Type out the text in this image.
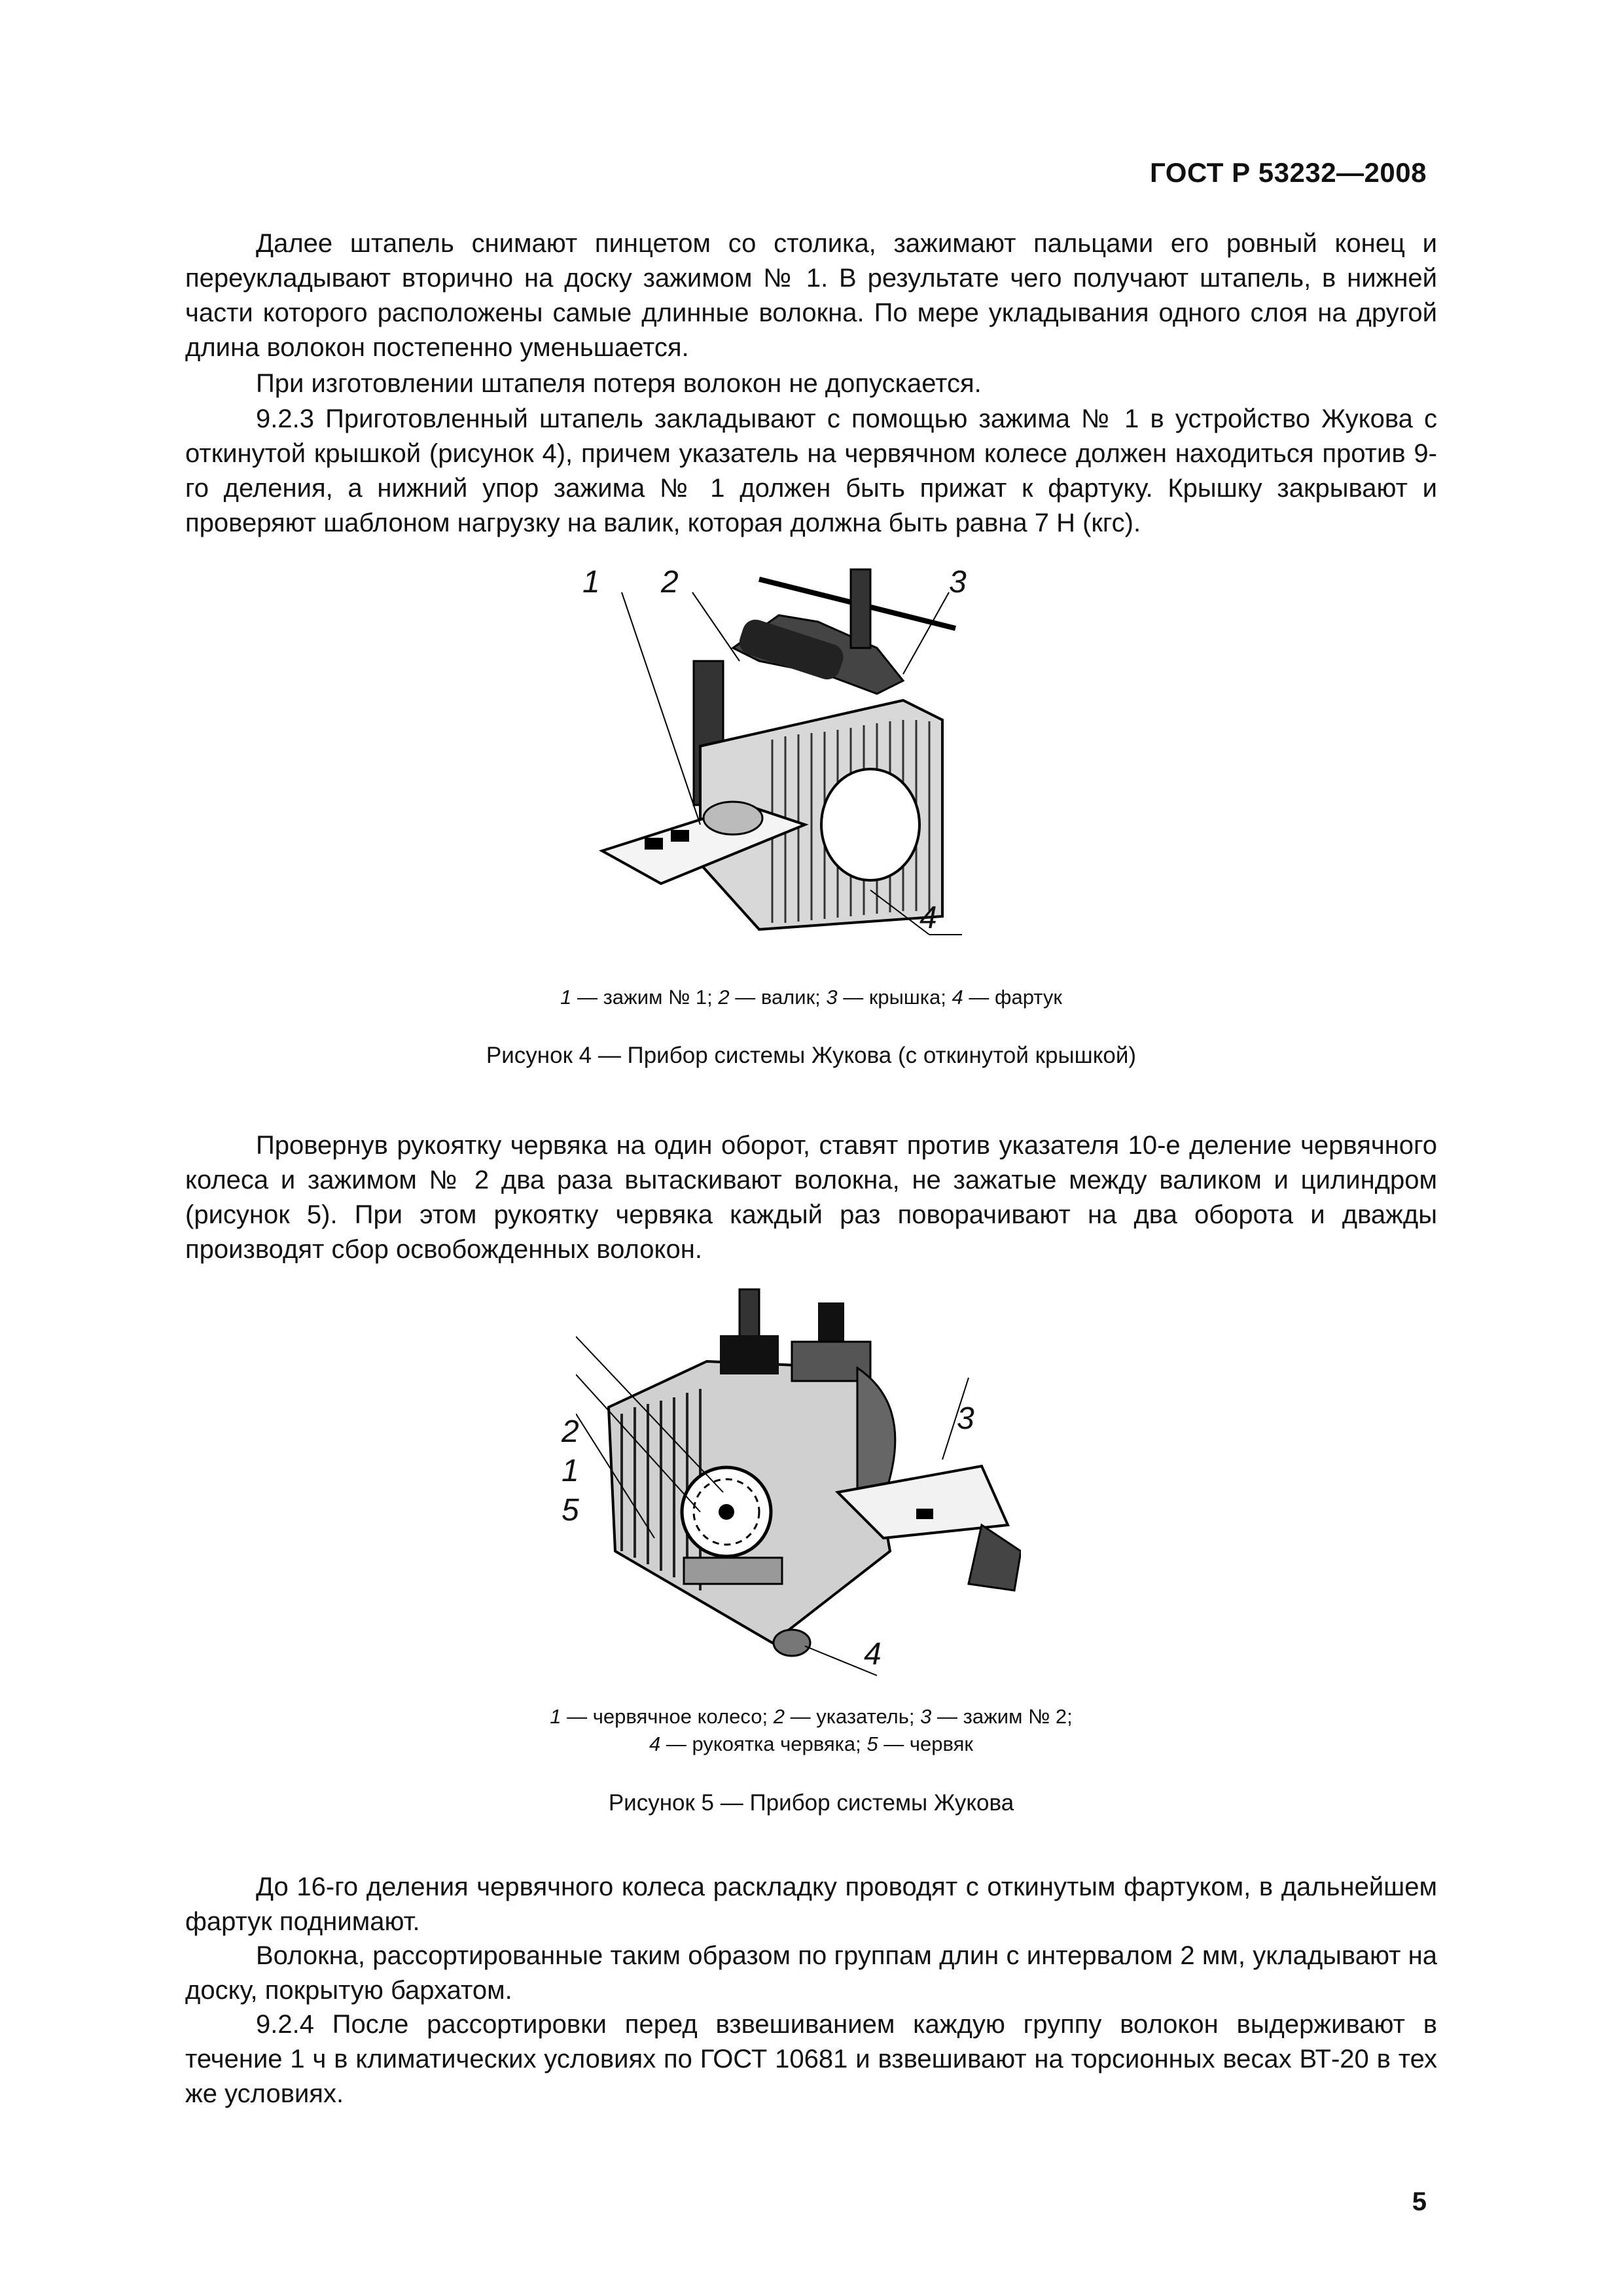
ГОСТ Р 53232—2008

Далее штапель снимают пинцетом со столика, зажимают пальцами его ровный конец и переукладывают вторично на доску зажимом № 1. В результате чего получают штапель, в нижней части которого расположены самые длинные волокна. По мере укладывания одного слоя на другой длина волокон постепенно уменьшается.

При изготовлении штапеля потеря волокон не допускается.

9.2.3 Приготовленный штапель закладывают с помощью зажима № 1 в устройство Жукова с откинутой крышкой (рисунок 4), причем указатель на червячном колесе должен находиться против 9-го деления, а нижний упор зажима № 1 должен быть прижат к фартуку. Крышку закрывают и проверяют шаблоном нагрузку на валик, которая должна быть равна 7 Н (кгс).

1 2	3
4
1 — зажим № 1; 2 — валик; 3 — крышка; 4 — фартук
Рисунок 4 — Прибор системы Жукова (с откинутой крышкой)

Провернув рукоятку червяка на один оборот, ставят против указателя 10-е деление червячного колеса и зажимом № 2 два раза вытаскивают волокна, не зажатые между валиком и цилиндром (рисунок 5). При этом рукоятку червяка каждый раз поворачивают на два оборота и дважды производят сбор освобожденных волокон.

2
1
5
3
4
1 — червячное колесо; 2 — указатель; 3 — зажим № 2;
4 — рукоятка червяка; 5 — червяк
Рисунок 5 — Прибор системы Жукова

До 16-го деления червячного колеса раскладку проводят с откинутым фартуком, в дальнейшем фартук поднимают.

Волокна, рассортированные таким образом по группам длин с интервалом 2 мм, укладывают на доску, покрытую бархатом.

9.2.4 После рассортировки перед взвешиванием каждую группу волокон выдерживают в течение 1 ч в климатических условиях по ГОСТ 10681 и взвешивают на торсионных весах ВТ-20 в тех же условиях.

5
